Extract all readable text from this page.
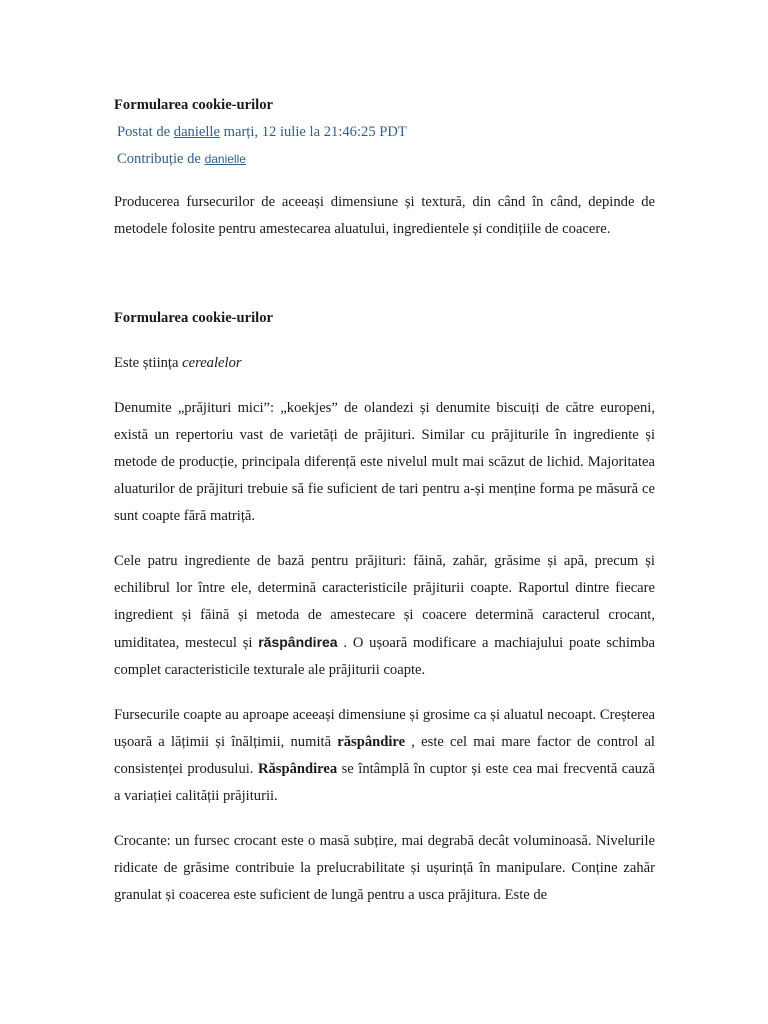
Formularea cookie-urilor
Postat de danielle marți, 12 iulie la 21:46:25 PDT
Contribuție de danielle

Producerea fursecurilor de aceeași dimensiune și textură, din când în când, depinde de metodele folosite pentru amestecarea aluatului, ingredientele și condițiile de coacere.

Formularea cookie-urilor

Este știința cerealelor

Denumite „prăjituri mici”: „koekjes” de olandezi și denumite biscuiți de către europeni, există un repertoriu vast de varietăți de prăjituri. Similar cu prăjiturile în ingrediente și metode de producție, principala diferență este nivelul mult mai scăzut de lichid. Majoritatea aluaturilor de prăjituri trebuie să fie suficient de tari pentru a-și menține forma pe măsură ce sunt coapte fără matriță.

Cele patru ingrediente de bază pentru prăjituri: făină, zahăr, grăsime și apă, precum și echilibrul lor între ele, determină caracteristicile prăjiturii coapte. Raportul dintre fiecare ingredient și făină și metoda de amestecare și coacere determină caracterul crocant, umiditatea, mestecul și răspândirea . O ușoară modificare a machiajului poate schimba complet caracteristicile texturale ale prăjiturii coapte.

Fursecurile coapte au aproape aceeași dimensiune și grosime ca și aluatul necoapt. Creșterea ușoară a lățimii și înălțimii, numită răspândire , este cel mai mare factor de control al consistenței produsului. Răspândirea se întâmplă în cuptor și este cea mai frecventă cauză a variației calității prăjiturii.

Crocante: un fursec crocant este o masă subțire, mai degrabă decât voluminoasă. Nivelurile ridicate de grăsime contribuie la prelucrabilitate și ușurință în manipulare. Conține zahăr granulat și coacerea este suficient de lungă pentru a usca prăjitura. Este de
